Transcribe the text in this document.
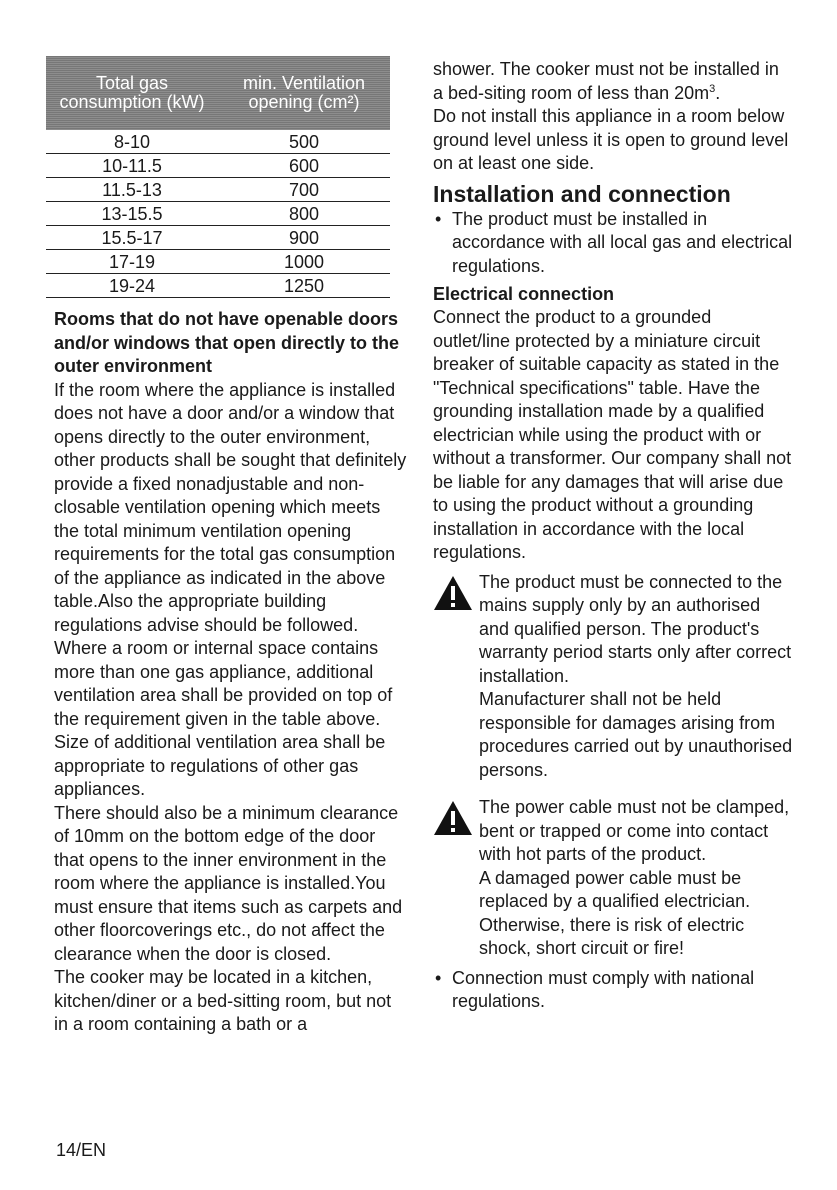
Total gas consumption (kW)	min. Ventilation opening (cm²)
8-10	500
10-11.5	600
11.5-13	700
13-15.5	800
15.5-17	900
17-19	1000
19-24	1250
Rooms that do not have openable doors and/or windows that open directly to the outer environment

If the room where the appliance is installed does not have a door and/or a window that opens directly to the outer environment, other products shall be sought that definitely provide a fixed nonadjustable and non-closable ventilation opening which meets the total minimum ventilation opening requirements for the total gas consumption of the appliance as indicated in the above table.Also the appropriate building regulations advise should be followed.

Where a room or internal space contains more than one gas appliance, additional ventilation area shall be provided on top of the requirement given in the table above. Size of additional ventilation area shall be appropriate to regulations of other gas appliances.

There should also be a minimum clearance of 10mm on the bottom edge of the door that opens to the inner environment in the room where the appliance is installed.You must ensure that items such as carpets and other floorcoverings etc., do not affect the clearance when the door is closed.

The cooker may be located in a kitchen, kitchen/diner or a bed-sitting room, but not in a room containing a bath or a

shower. The cooker must not be installed in a bed-siting room of less than $20m^3$.

Do not install this appliance in a room below ground level unless it is open to ground level on at least one side.

Installation and connection

• The product must be installed in accordance with all local gas and electrical regulations.

Electrical connection

Connect the product to a grounded outlet/line protected by a miniature circuit breaker of suitable capacity as stated in the "Technical specifications" table. Have the grounding installation made by a qualified electrician while using the product with or without a transformer. Our company shall not be liable for any damages that will arise due to using the product without a grounding installation in accordance with the local regulations.

The product must be connected to the mains supply only by an authorised and qualified person. The product's warranty period starts only after correct installation.

Manufacturer shall not be held responsible for damages arising from procedures carried out by unauthorised persons.

The power cable must not be clamped, bent or trapped or come into contact with hot parts of the product.

A damaged power cable must be replaced by a qualified electrician. Otherwise, there is risk of electric shock, short circuit or fire!

• Connection must comply with national regulations.

14/EN
